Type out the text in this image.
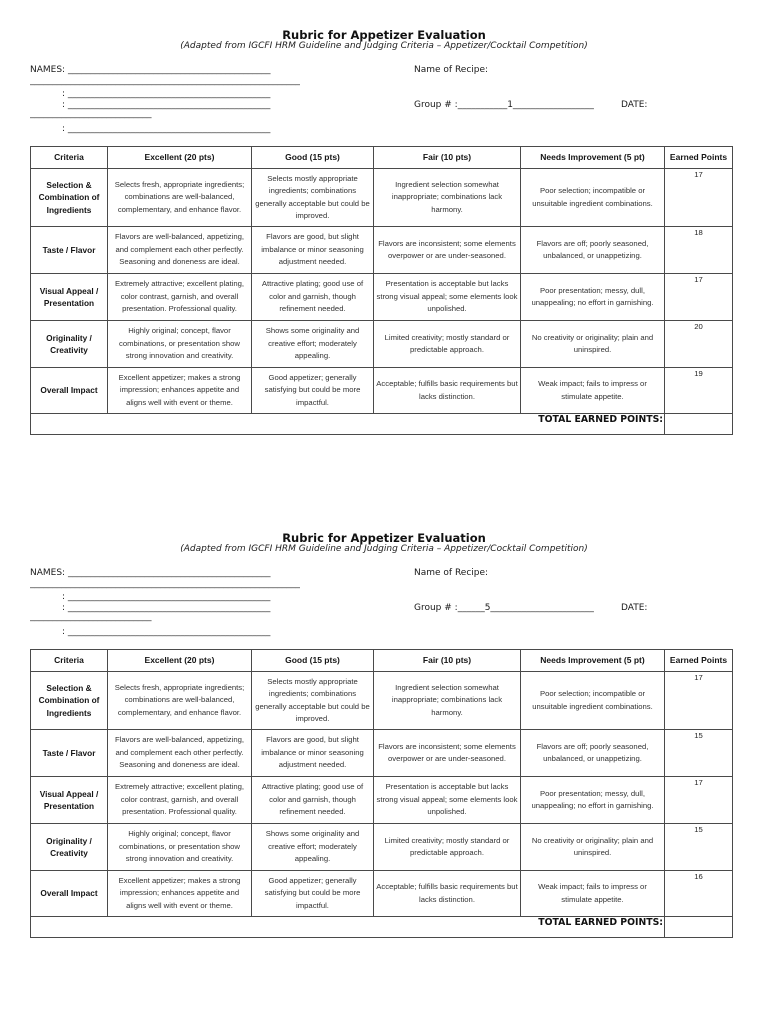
Rubric for Appetizer Evaluation
(Adapted from IGCFI HRM Guideline and Judging Criteria – Appetizer/Cocktail Competition)
NAMES: _____________________________________________	Name of Recipe:
____________________________________________________________
: _____________________________________________
: _____________________________________________	Group # :___________1__________________	DATE:
___________________________
: _____________________________________________
Criteria	Excellent (20 pts)	Good (15 pts)	Fair (10 pts)	Needs Improvement (5 pt)	Earned Points
Selection & Combination of Ingredients	Selects fresh, appropriate ingredients; combinations are well-balanced, complementary, and enhance flavor.	Selects mostly appropriate ingredients; combinations generally acceptable but could be improved.	Ingredient selection somewhat inappropriate; combinations lack harmony.	Poor selection; incompatible or unsuitable ingredient combinations.	17
Taste / Flavor	Flavors are well-balanced, appetizing, and complement each other perfectly. Seasoning and doneness are ideal.	Flavors are good, but slight imbalance or minor seasoning adjustment needed.	Flavors are inconsistent; some elements overpower or are under-seasoned.	Flavors are off; poorly seasoned, unbalanced, or unappetizing.	18
Visual Appeal / Presentation	Extremely attractive; excellent plating, color contrast, garnish, and overall presentation. Professional quality.	Attractive plating; good use of color and garnish, though refinement needed.	Presentation is acceptable but lacks strong visual appeal; some elements look unpolished.	Poor presentation; messy, dull, unappealing; no effort in garnishing.	17
Originality / Creativity	Highly original; concept, flavor combinations, or presentation show strong innovation and creativity.	Shows some originality and creative effort; moderately appealing.	Limited creativity; mostly standard or predictable approach.	No creativity or originality; plain and uninspired.	20
Overall Impact	Excellent appetizer; makes a strong impression; enhances appetite and aligns well with event or theme.	Good appetizer; generally satisfying but could be more impactful.	Acceptable; fulfills basic requirements but lacks distinction.	Weak impact; fails to impress or stimulate appetite.	19
TOTAL EARNED POINTS:					
Rubric for Appetizer Evaluation
(Adapted from IGCFI HRM Guideline and Judging Criteria – Appetizer/Cocktail Competition)
NAMES: _____________________________________________	Name of Recipe:
____________________________________________________________
: _____________________________________________
: _____________________________________________	Group # :______5_______________________	DATE:
___________________________
: _____________________________________________
Criteria	Excellent (20 pts)	Good (15 pts)	Fair (10 pts)	Needs Improvement (5 pt)	Earned Points
Selection & Combination of Ingredients	Selects fresh, appropriate ingredients; combinations are well-balanced, complementary, and enhance flavor.	Selects mostly appropriate ingredients; combinations generally acceptable but could be improved.	Ingredient selection somewhat inappropriate; combinations lack harmony.	Poor selection; incompatible or unsuitable ingredient combinations.	17
Taste / Flavor	Flavors are well-balanced, appetizing, and complement each other perfectly. Seasoning and doneness are ideal.	Flavors are good, but slight imbalance or minor seasoning adjustment needed.	Flavors are inconsistent; some elements overpower or are under-seasoned.	Flavors are off; poorly seasoned, unbalanced, or unappetizing.	15
Visual Appeal / Presentation	Extremely attractive; excellent plating, color contrast, garnish, and overall presentation. Professional quality.	Attractive plating; good use of color and garnish, though refinement needed.	Presentation is acceptable but lacks strong visual appeal; some elements look unpolished.	Poor presentation; messy, dull, unappealing; no effort in garnishing.	17
Originality / Creativity	Highly original; concept, flavor combinations, or presentation show strong innovation and creativity.	Shows some originality and creative effort; moderately appealing.	Limited creativity; mostly standard or predictable approach.	No creativity or originality; plain and uninspired.	15
Overall Impact	Excellent appetizer; makes a strong impression; enhances appetite and aligns well with event or theme.	Good appetizer; generally satisfying but could be more impactful.	Acceptable; fulfills basic requirements but lacks distinction.	Weak impact; fails to impress or stimulate appetite.	16
TOTAL EARNED POINTS:					
